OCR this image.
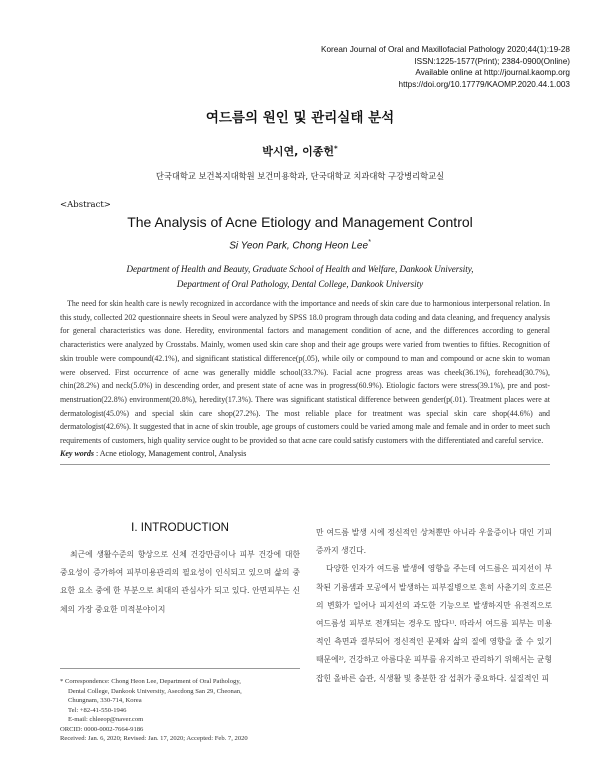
Korean Journal of Oral and Maxillofacial Pathology 2020;44(1):19-28
ISSN:1225-1577(Print); 2384-0900(Online)
Available online at http://journal.kaomp.org
https://doi.org/10.17779/KAOMP.2020.44.1.003
여드름의 원인 및 관리실태 분석
박시연, 이종헌*
단국대학교 보건복지대학원 보건미용학과, 단국대학교 치과대학 구강병리학교실
<Abstract>
The Analysis of Acne Etiology and Management Control
Si Yeon Park, Chong Heon Lee*
Department of Health and Beauty, Graduate School of Health and Welfare, Dankook University,
Department of Oral Pathology, Dental College, Dankook University

The need for skin health care is newly recognized in accordance with the importance and needs of skin care due to harmonious interpersonal relation. In this study, collected 202 questionnaire sheets in Seoul were analyzed by SPSS 18.0 program through data coding and data cleaning, and frequency analysis for general characteristics was done. Heredity, environmental factors and management condition of acne, and the differences according to general characteristics were analyzed by Crosstabs. Mainly, women used skin care shop and their age groups were varied from twenties to fifties. Recognition of skin trouble were compound(42.1%), and significant statistical difference(p(.05), while oily or compound to man and compound or acne skin to woman were observed. First occurrence of acne was generally middle school(33.7%). Facial acne progress areas was cheek(36.1%), forehead(30.7%), chin(28.2%) and neck(5.0%) in descending order, and present state of acne was in progress(60.9%). Etiologic factors were stress(39.1%), pre and post-menstruation(22.8%) environment(20.8%), heredity(17.3%). There was significant statistical difference between gender(p(.01). Treatment places were at dermatologist(45.0%) and special skin care shop(27.2%). The most reliable place for treatment was special skin care shop(44.6%) and dermatologist(42.6%). It suggested that in acne of skin trouble, age groups of customers could be varied among male and female and in order to meet such requirements of customers, high quality service ought to be provided so that acne care could satisfy customers with the differentiated and careful service.

Key words : Acne etiology, Management control, Analysis
Ⅰ. INTRODUCTION

최근에 생활수준의 향상으로 신체 건강만큼이나 피부 건강에 대한 중요성이 증가하여 피부미용관리의 필요성이 인식되고 있으며 삶의 중요한 요소 중에 한 부분으로 최대의 관심사가 되고 있다. 안면피부는 신체의 가장 중요한 미적분야이지

만 여드름 발생 시에 정신적인 상처뿐만 아니라 우울증이나 대인 기피증까지 생긴다.

다양한 인자가 여드름 발생에 영향을 주는데 여드름은 피지선이 부착된 기름샘과 모공에서 발생하는 피부질병으로 흔히 사춘기의 호르몬의 변화가 일어나 피지선의 과도한 기능으로 발생하지만 유전적으로 여드름성 피부로 전개되는 경우도 많다¹⁾. 따라서 여드름 피부는 미용적인 측면과 결부되어 정신적인 문제와 삶의 질에 영향을 줄 수 있기 때문에²⁾, 건강하고 아름다운 피부를 유지하고 관리하기 위해서는 균형 잡힌 올바른 습관, 식생활 및 충분한 잠 섭취가 중요하다. 실질적인 피

* Correspondence: Chong Heon Lee, Department of Oral Pathology,
Dental College, Dankook University, Asecdong San 29, Cheonan,
Chungnam, 330-714, Korea
Tel: +82-41-550-1946
E-mail: chleeop@naver.com
ORCID: 0000-0002-7664-9186
Received: Jan. 6, 2020; Revised: Jan. 17, 2020; Accepted: Feb. 7, 2020
